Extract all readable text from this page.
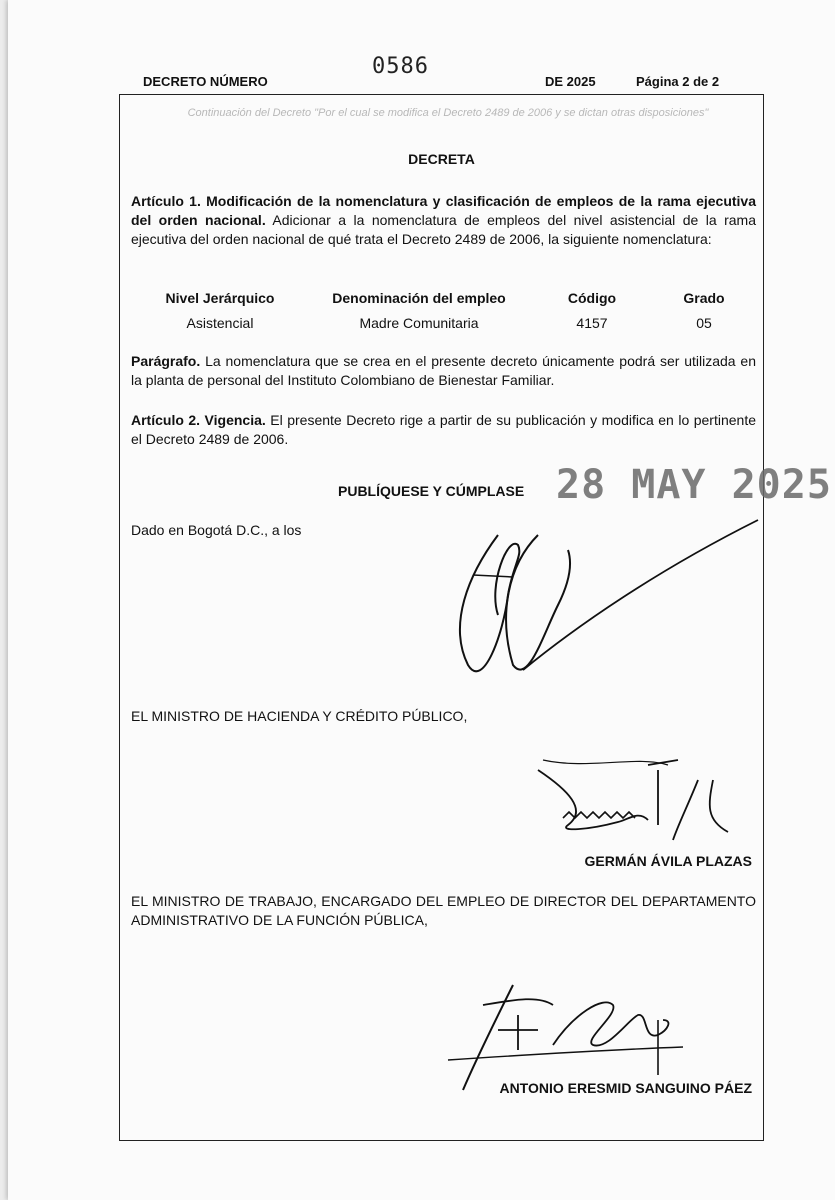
DECRETO NÚMERO
0586
DE 2025	Página 2 de 2
Continuación del Decreto "Por el cual se modifica el Decreto 2489 de 2006 y se dictan otras disposiciones"
DECRETA
Artículo 1. Modificación de la nomenclatura y clasificación de empleos de la rama ejecutiva del orden nacional. Adicionar a la nomenclatura de empleos del nivel asistencial de la rama ejecutiva del orden nacional de qué trata el Decreto 2489 de 2006, la siguiente nomenclatura:
Nivel Jerárquico	Denominación del empleo	Código	Grado
Asistencial	Madre Comunitaria	4157	05
Parágrafo. La nomenclatura que se crea en el presente decreto únicamente podrá ser utilizada en la planta de personal del Instituto Colombiano de Bienestar Familiar.
Artículo 2. Vigencia. El presente Decreto rige a partir de su publicación y modifica en lo pertinente el Decreto 2489 de 2006.
PUBLÍQUESE Y CÚMPLASE 28 MAY 2025
Dado en Bogotá D.C., a los
EL MINISTRO DE HACIENDA Y CRÉDITO PÚBLICO,
GERMÁN ÁVILA PLAZAS
EL MINISTRO DE TRABAJO, ENCARGADO DEL EMPLEO DE DIRECTOR DEL DEPARTAMENTO ADMINISTRATIVO DE LA FUNCIÓN PÚBLICA,
ANTONIO ERESMID SANGUINO PÁEZ
